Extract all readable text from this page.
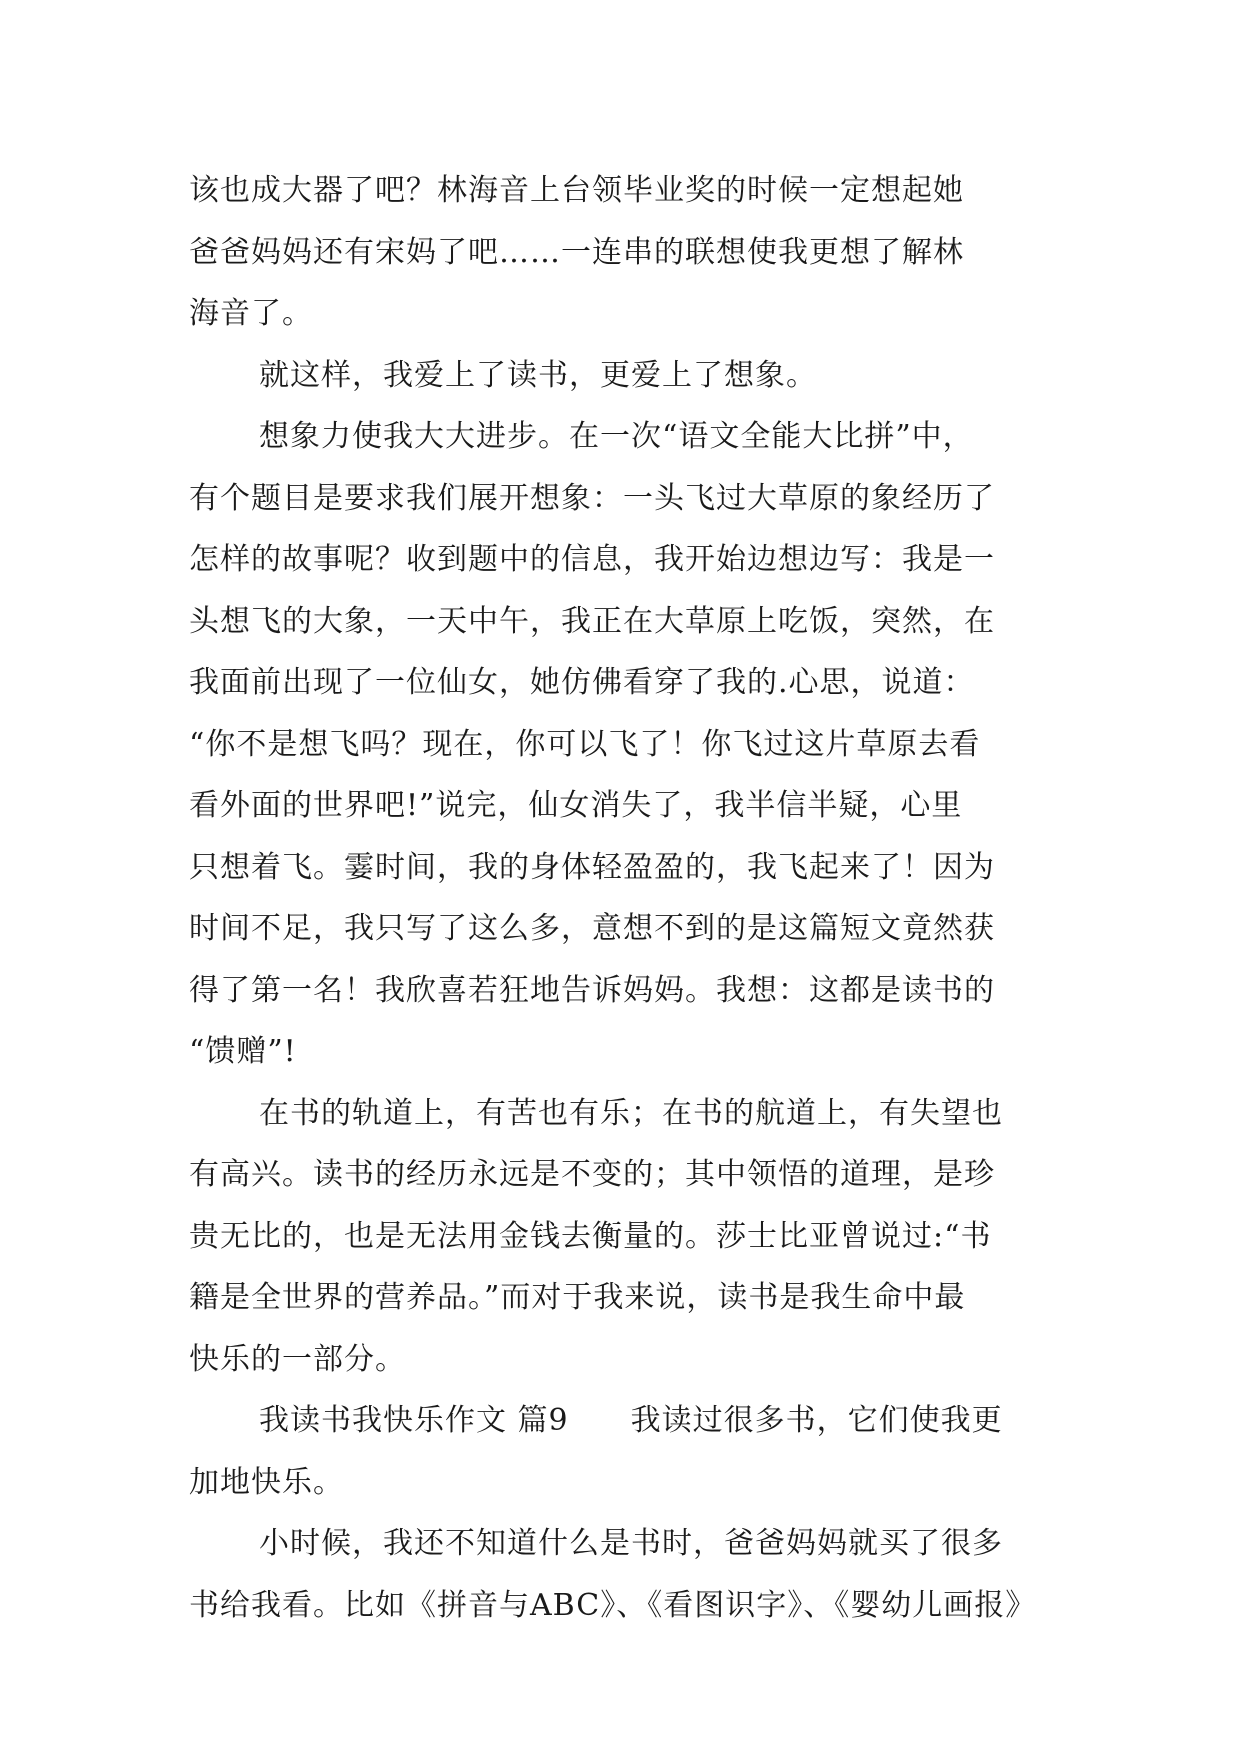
该也成大器了吧？林海音上台领毕业奖的时候一定想起她
爸爸妈妈还有宋妈了吧……一连串的联想使我更想了解林
海音了。
就这样，我爱上了读书，更爱上了想象。
想象力使我大大进步。在一次“语文全能大比拼”中，
有个题目是要求我们展开想象：一头飞过大草原的象经历了
怎样的故事呢？收到题中的信息，我开始边想边写：我是一
头想飞的大象，一天中午，我正在大草原上吃饭，突然，在
我面前出现了一位仙女，她仿佛看穿了我的.心思，说道：
“你不是想飞吗？现在，你可以飞了！你飞过这片草原去看
看外面的世界吧!”说完，仙女消失了，我半信半疑，心里
只想着飞。霎时间，我的身体轻盈盈的，我飞起来了！因为
时间不足，我只写了这么多，意想不到的是这篇短文竟然获
得了第一名！我欣喜若狂地告诉妈妈。我想：这都是读书的
“馈赠”!
在书的轨道上，有苦也有乐；在书的航道上，有失望也
有高兴。读书的经历永远是不变的；其中领悟的道理，是珍
贵无比的，也是无法用金钱去衡量的。莎士比亚曾说过:“书
籍是全世界的营养品。”而对于我来说，读书是我生命中最
快乐的一部分。
我读书我快乐作文 篇9　　我读过很多书，它们使我更
加地快乐。
小时候，我还不知道什么是书时，爸爸妈妈就买了很多
书给我看。比如《拼音与ABC》、《看图识字》、《婴幼儿画报》
